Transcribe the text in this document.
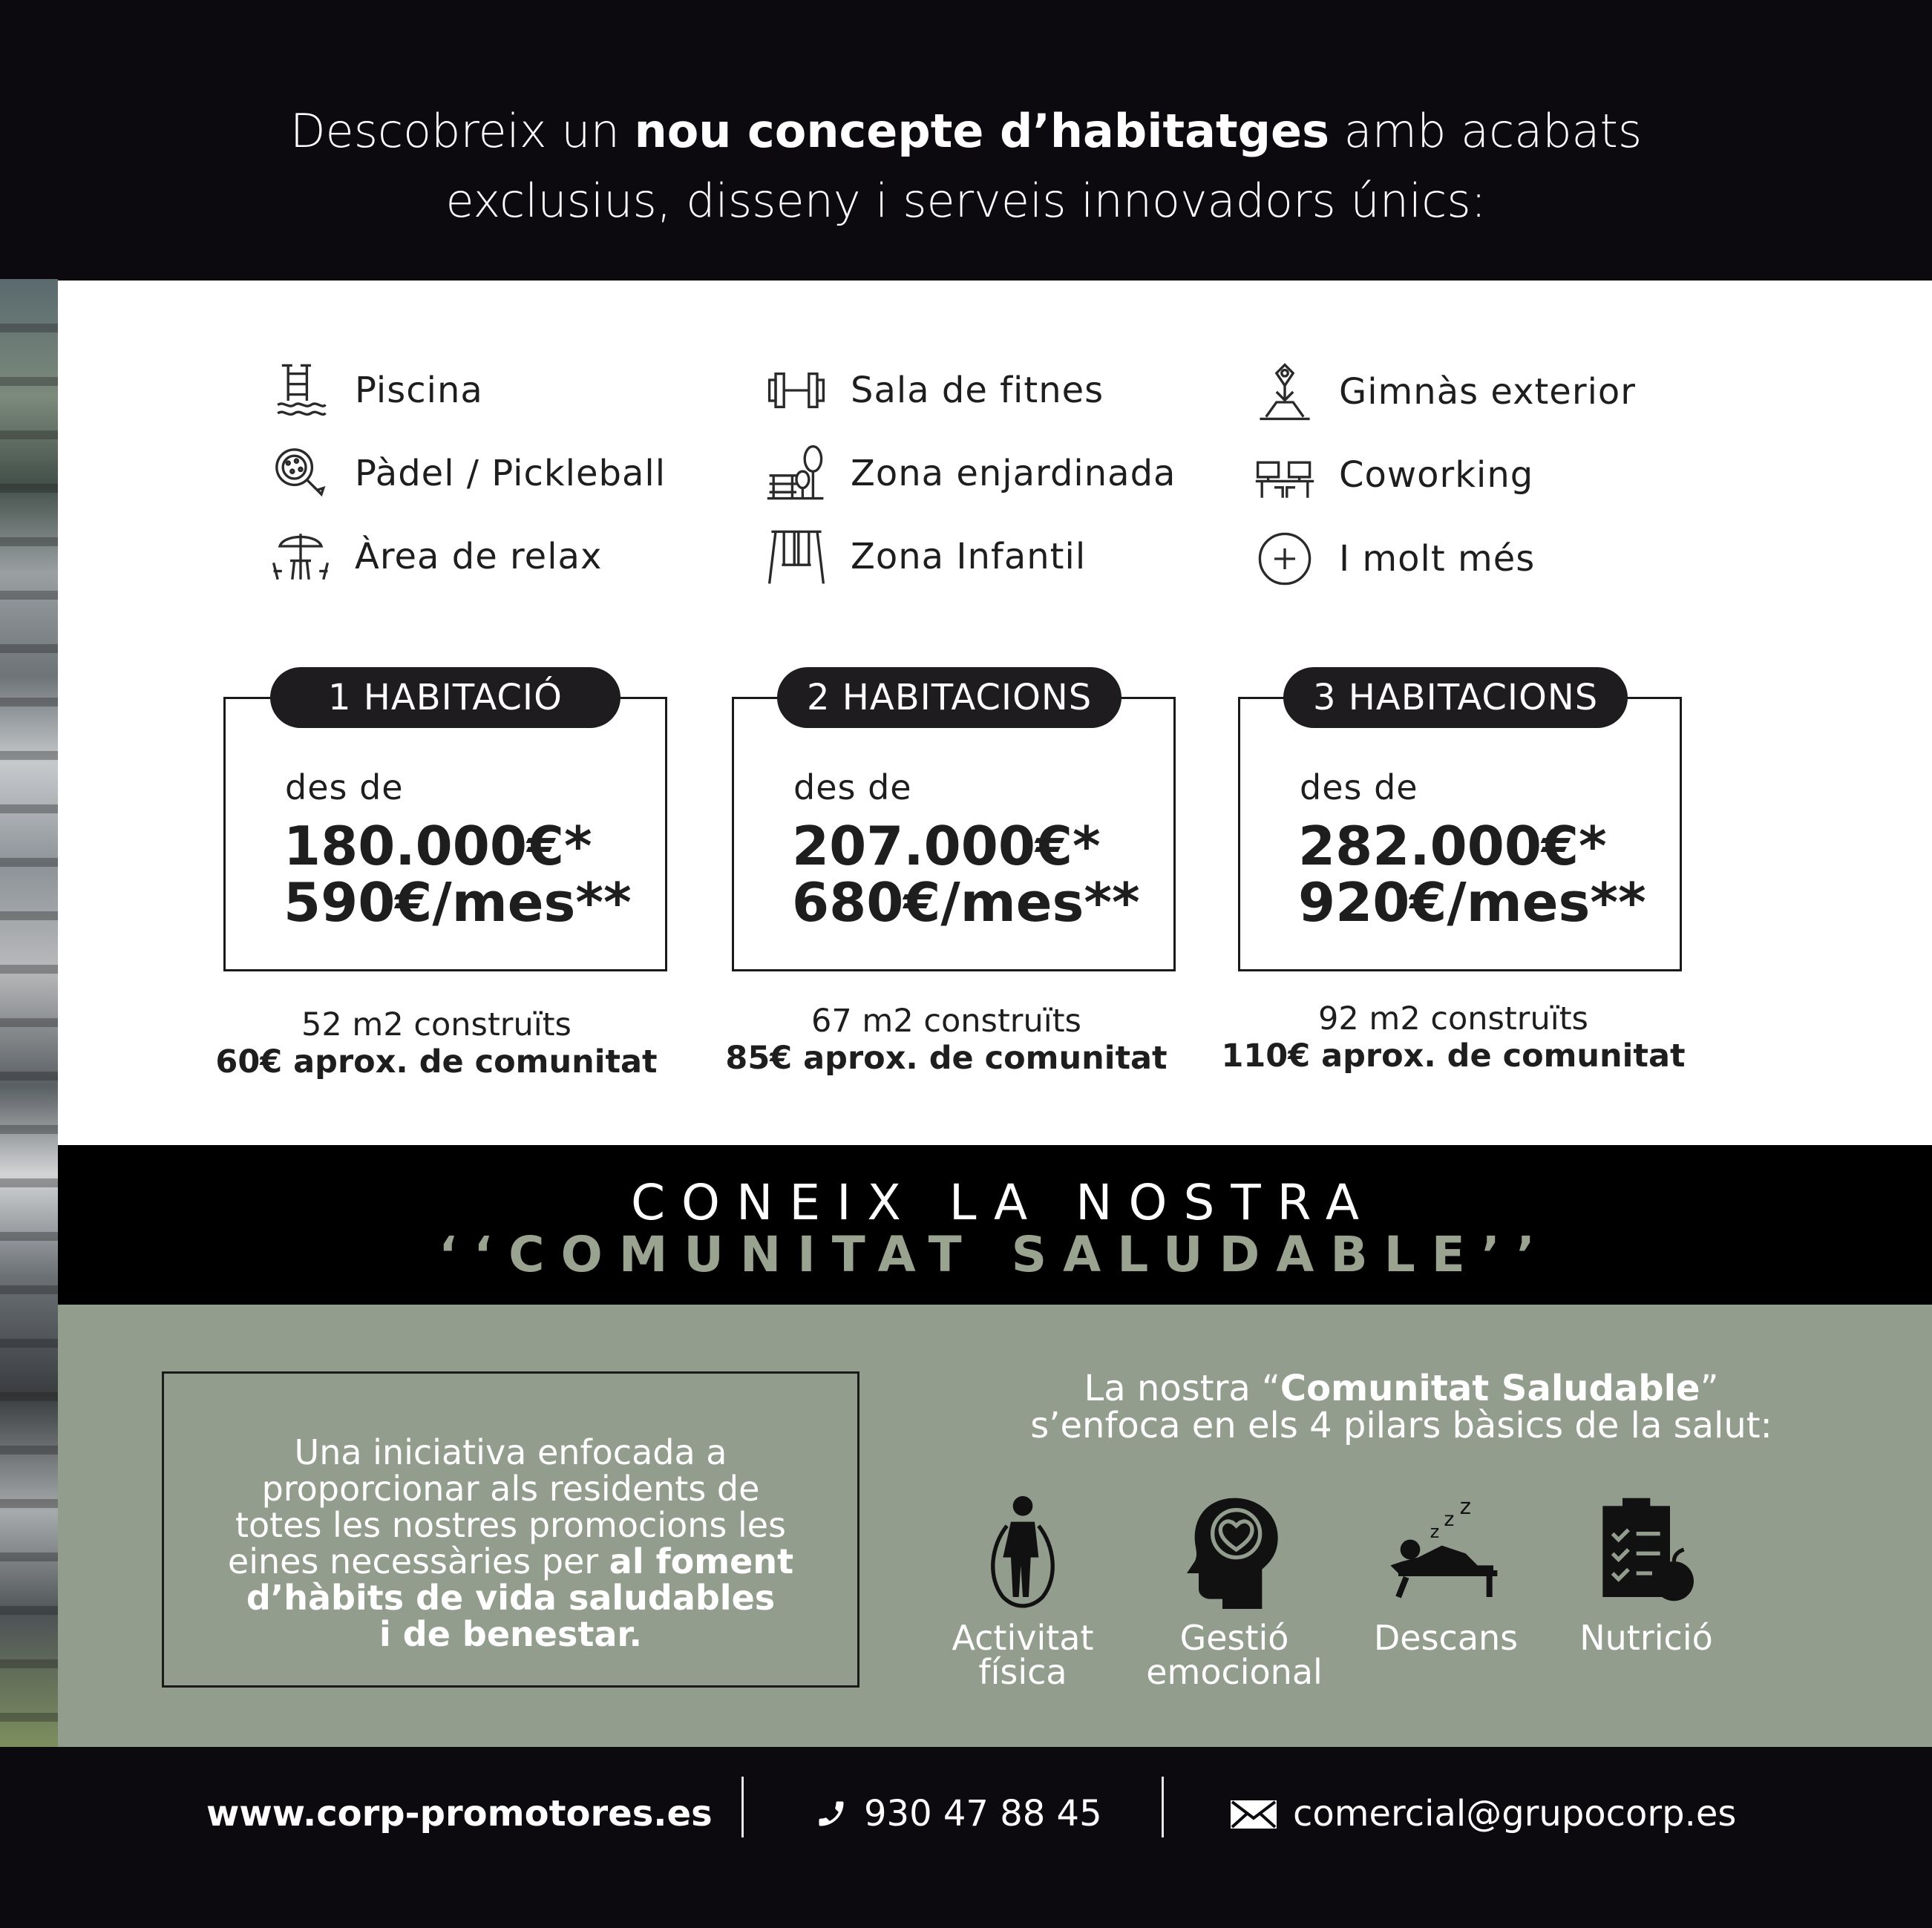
Descobreix un nou concepte d’habitatges amb acabats
exclusius, disseny i serveis innovadors únics:
Piscina	Sala de fitnes	Gimnàs exterior
Pàdel / Pickleball	Zona enjardinada	Coworking
Àrea de relax	Zona Infantil	I molt més
1 HABITACIÓ
des de
180.000€*
590€/mes**
2 HABITACIONS
des de
207.000€*
680€/mes**
3 HABITACIONS
des de
282.000€*
920€/mes**
52 m2 construïts
60€ aprox. de comunitat
67 m2 construïts
85€ aprox. de comunitat
92 m2 construïts
110€ aprox. de comunitat
CONEIX LA NOSTRA
‘‘COMUNITAT SALUDABLE’’

Una iniciativa enfocada a
proporcionar als residents de
totes les nostres promocions les
eines necessàries per al foment
d’hàbits de vida saludables
i de benestar.

La nostra “Comunitat Saludable”
s’enfoca en els 4 pilars bàsics de la salut:
Activitat
física
Gestió
emocional
z
z
z
Descans	Nutrició
www.corp-promotores.es	930 47 88 45	comercial@grupocorp.es
